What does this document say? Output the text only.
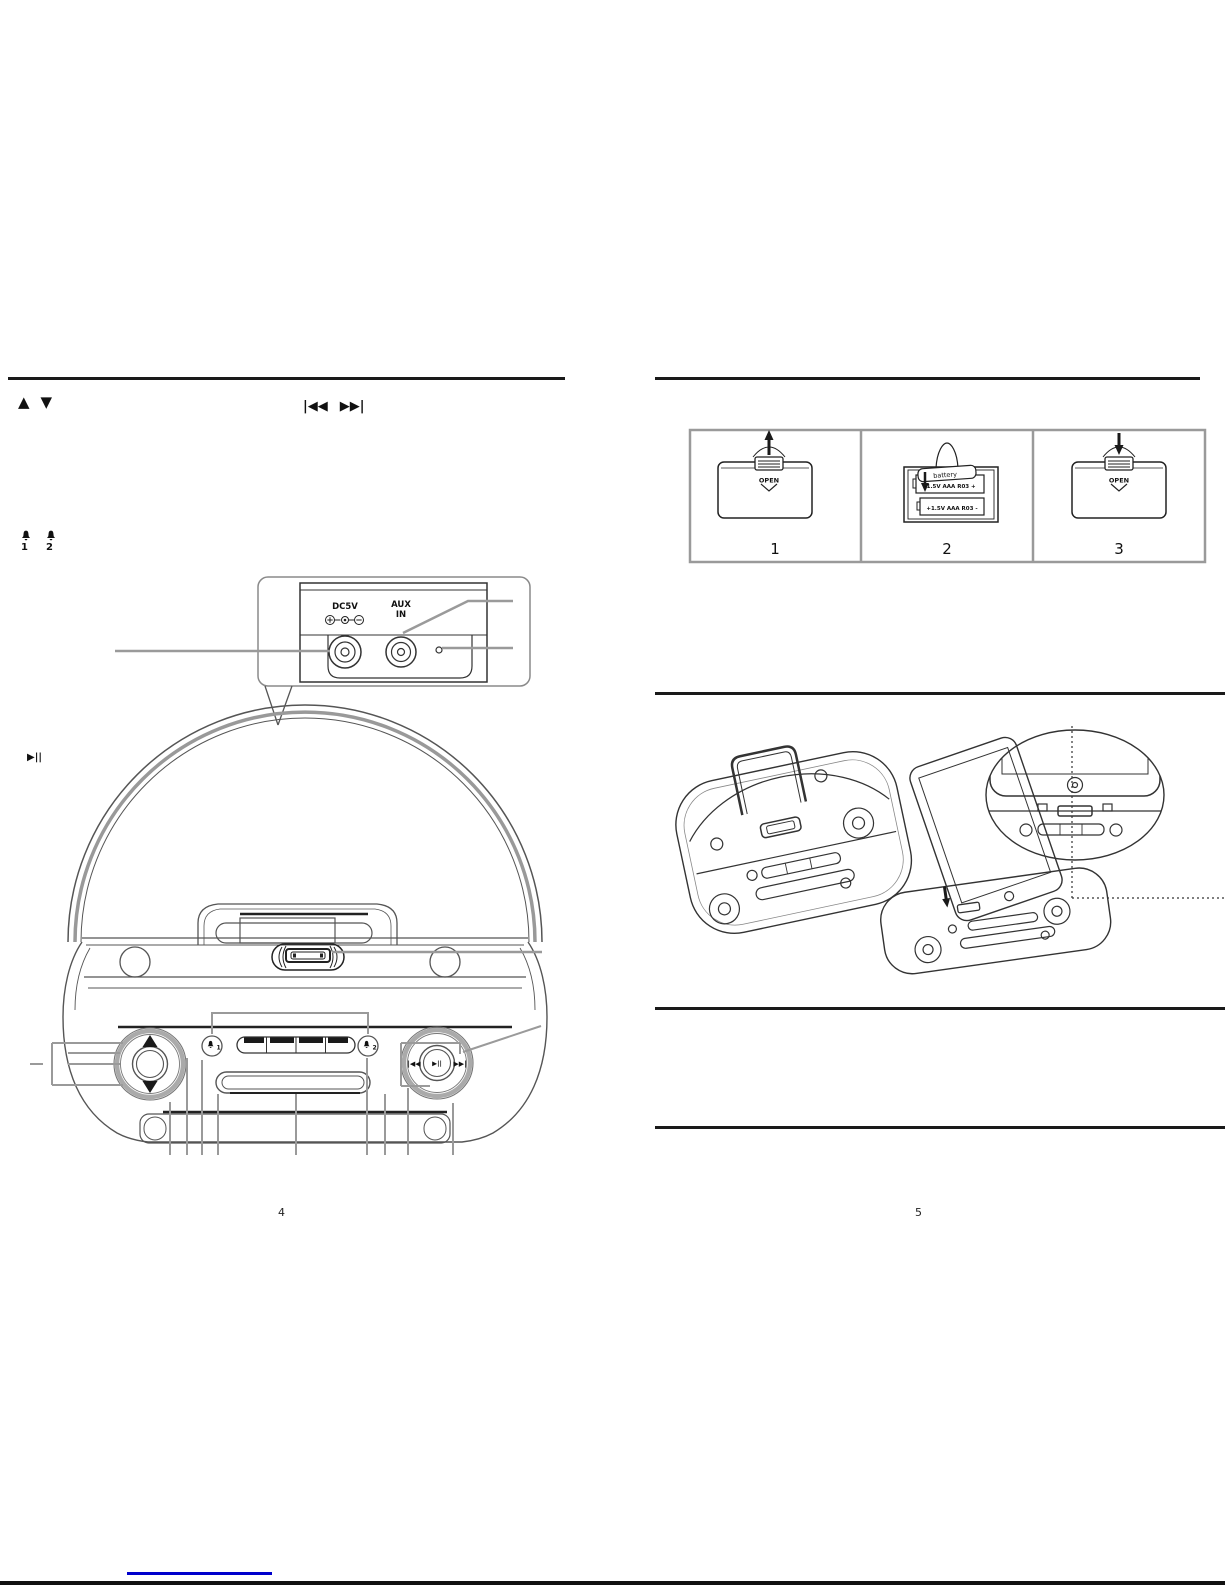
▲ ▼	|◀◀ ▶▶|
1	2
▶||
DC5V	AUX
IN
1	2
|◀◀ ▶|| ▶▶|
4
OPEN	OPEN
-1.5V AAA R03 +
+1.5V AAA R03 -
battery
1	2	3
5
